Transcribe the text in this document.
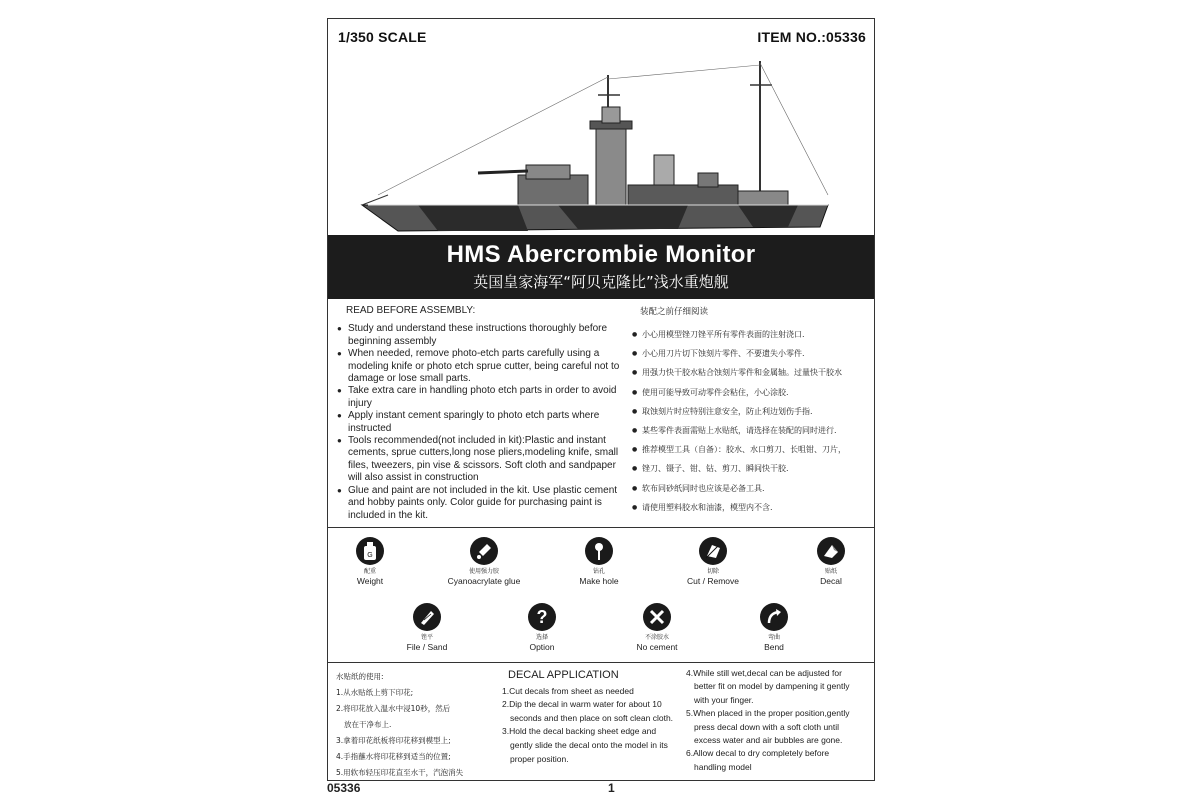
1/350 SCALE	ITEM NO.:05336
HMS Abercrombie Monitor
英国皇家海军“阿贝克隆比”浅水重炮舰
READ BEFORE ASSEMBLY:
● Study and understand these instructions thoroughly before beginning assembly
● When needed, remove photo-etch parts carefully using a modeling knife or photo etch sprue cutter, being careful not to damage or lose small parts.
● Take extra care in handling photo etch parts in order to avoid injury
● Apply instant cement sparingly to photo etch parts where instructed
● Tools recommended(not included in kit):Plastic and instant cements, sprue cutters,long nose pliers,modeling knife, small files, tweezers, pin vise & scissors. Soft cloth and sandpaper will also assist in construction
● Glue and paint are not included in the kit. Use plastic cement and hobby paints only. Color guide for purchasing paint is included in the kit.
装配之前仔细阅读
● 小心用模型锉刀锉平所有零件表面的注射浇口.
● 小心用刀片切下蚀刻片零件、不要遗失小零件.
● 用强力快干胶水粘合蚀刻片零件和金属轴。过量快干胶水
● 使用可能导致可动零件会粘住，小心涂胶.
● 取蚀刻片时应特别注意安全，防止利边划伤手指.
● 某些零件表面需贴上水贴纸，请选择在装配的同时进行.
● 推荐模型工具（自备）：胶水、水口剪刀、长咀钳、刀片，
● 锉刀、镊子、钳、钻、剪刀、瞬间快干胶.
● 软布同砂纸同时也应该是必备工具.
● 请使用塑料胶水和油漆，模型内不含.
G
配重
Weight
使用强力胶
Cyanoacrylate glue
钻孔
Make hole
切除
Cut / Remove
贴纸
Decal
锉平
File / Sand
?
选择
Option
不涂胶水
No cement
弯曲
Bend
水贴纸的使用:
1.从水贴纸上剪下印花;
2.将印花放入温水中浸10秒，然后
放在干净布上.
3.拿着印花纸板将印花移到模型上;
4.手指蘸水将印花移到适当的位置;
5.用软布轻压印花直至水干，汽泡消失
DECAL APPLICATION
1.Cut decals from sheet as needed
2.Dip the decal in warm water for about 10
seconds and then place on soft clean cloth.
3.Hold the decal backing sheet edge and
gently slide the decal onto the model in its
proper position.
4.While still wet,decal can be adjusted for
better fit on model by dampening it gently
with your finger.
5.When placed in the proper position,gently
press decal down with a soft cloth until
excess water and air bubbles are gone.
6.Allow decal to dry completely before
handling model
05336	1
